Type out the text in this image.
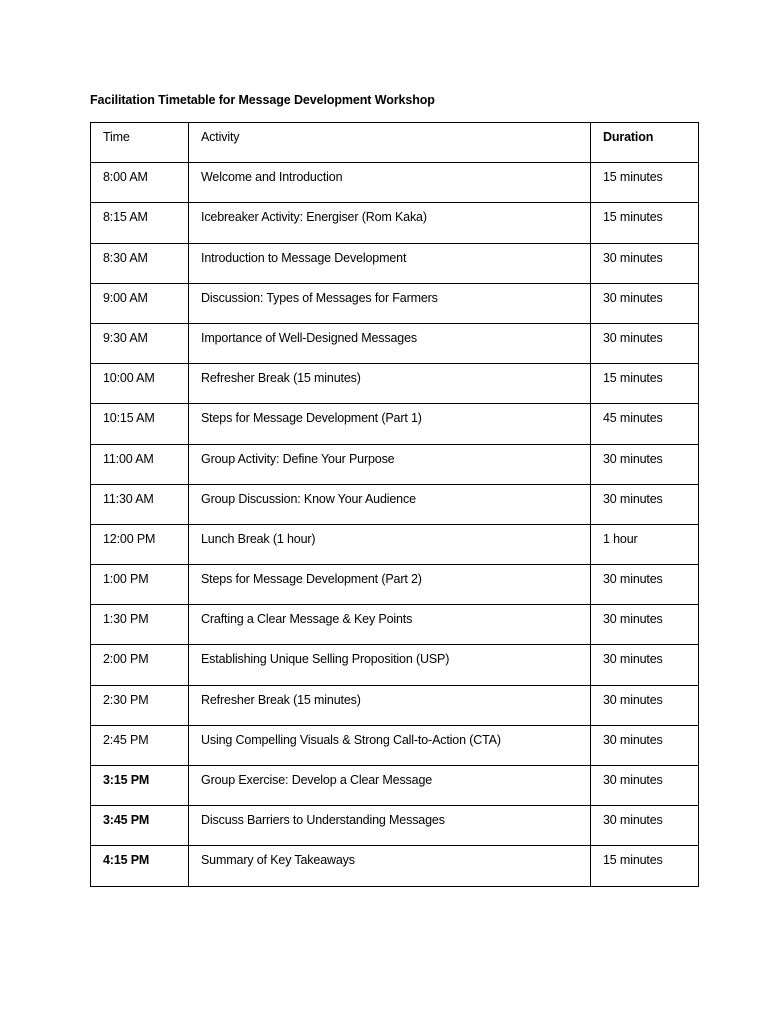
Facilitation Timetable for Message Development Workshop
Time	Activity	Duration

8:00 AM	Welcome and Introduction	15 minutes

8:15 AM	Icebreaker Activity: Energiser (Rom Kaka)	15 minutes

8:30 AM	Introduction to Message Development	30 minutes

9:00 AM	Discussion: Types of Messages for Farmers	30 minutes

9:30 AM	Importance of Well-Designed Messages	30 minutes

10:00 AM	Refresher Break (15 minutes)	15 minutes

10:15 AM	Steps for Message Development (Part 1)	45 minutes

11:00 AM	Group Activity: Define Your Purpose	30 minutes

11:30 AM	Group Discussion: Know Your Audience	30 minutes

12:00 PM	Lunch Break (1 hour)	1 hour

1:00 PM	Steps for Message Development (Part 2)	30 minutes

1:30 PM	Crafting a Clear Message & Key Points	30 minutes

2:00 PM	Establishing Unique Selling Proposition (USP)	30 minutes

2:30 PM	Refresher Break (15 minutes)	30 minutes

2:45 PM	Using Compelling Visuals & Strong Call-to-Action (CTA)	30 minutes

3:15 PM	Group Exercise: Develop a Clear Message	30 minutes

3:45 PM	Discuss Barriers to Understanding Messages	30 minutes

4:15 PM	Summary of Key Takeaways	15 minutes
